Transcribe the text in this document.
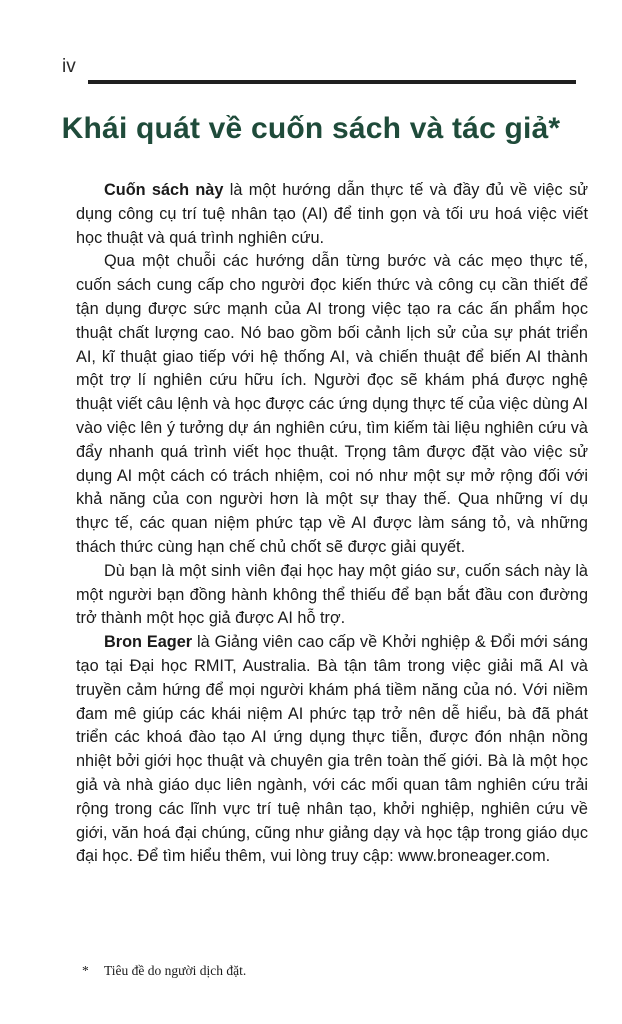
iv
Khái quát về cuốn sách và tác giả*

Cuốn sách này là một hướng dẫn thực tế và đầy đủ về việc sử dụng công cụ trí tuệ nhân tạo (AI) để tinh gọn và tối ưu hoá việc viết học thuật và quá trình nghiên cứu.

Qua một chuỗi các hướng dẫn từng bước và các mẹo thực tế, cuốn sách cung cấp cho người đọc kiến thức và công cụ cần thiết để tận dụng được sức mạnh của AI trong việc tạo ra các ấn phẩm học thuật chất lượng cao. Nó bao gồm bối cảnh lịch sử của sự phát triển AI, kĩ thuật giao tiếp với hệ thống AI, và chiến thuật để biến AI thành một trợ lí nghiên cứu hữu ích. Người đọc sẽ khám phá được nghệ thuật viết câu lệnh và học được các ứng dụng thực tế của việc dùng AI vào việc lên ý tưởng dự án nghiên cứu, tìm kiếm tài liệu nghiên cứu và đẩy nhanh quá trình viết học thuật. Trọng tâm được đặt vào việc sử dụng AI một cách có trách nhiệm, coi nó như một sự mở rộng đối với khả năng của con người hơn là một sự thay thế. Qua những ví dụ thực tế, các quan niệm phức tạp về AI được làm sáng tỏ, và những thách thức cùng hạn chế chủ chốt sẽ được giải quyết.

Dù bạn là một sinh viên đại học hay một giáo sư, cuốn sách này là một người bạn đồng hành không thể thiếu để bạn bắt đầu con đường trở thành một học giả được AI hỗ trợ.

Bron Eager là Giảng viên cao cấp về Khởi nghiệp & Đổi mới sáng tạo tại Đại học RMIT, Australia. Bà tận tâm trong việc giải mã AI và truyền cảm hứng để mọi người khám phá tiềm năng của nó. Với niềm đam mê giúp các khái niệm AI phức tạp trở nên dễ hiểu, bà đã phát triển các khoá đào tạo AI ứng dụng thực tiễn, được đón nhận nồng nhiệt bởi giới học thuật và chuyên gia trên toàn thế giới. Bà là một học giả và nhà giáo dục liên ngành, với các mối quan tâm nghiên cứu trải rộng trong các lĩnh vực trí tuệ nhân tạo, khởi nghiệp, nghiên cứu về giới, văn hoá đại chúng, cũng như giảng dạy và học tập trong giáo dục đại học. Để tìm hiểu thêm, vui lòng truy cập: www.broneager.com.

* Tiêu đề do người dịch đặt.
